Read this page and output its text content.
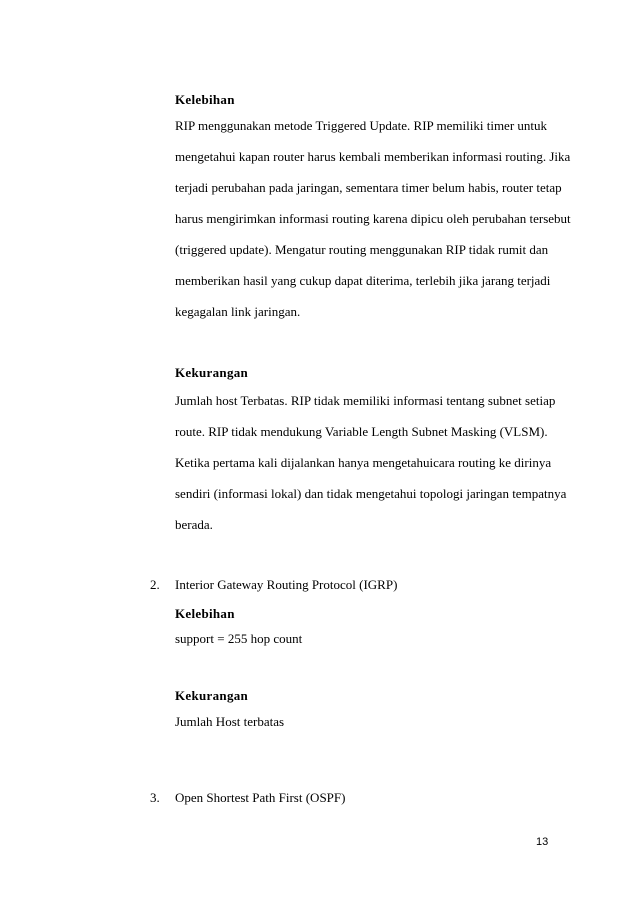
Kelebihan
RIP menggunakan metode Triggered Update. RIP memiliki timer untuk
mengetahui kapan router harus kembali memberikan informasi routing. Jika
terjadi perubahan pada jaringan, sementara timer belum habis, router tetap
harus mengirimkan informasi routing karena dipicu oleh perubahan tersebut
(triggered update). Mengatur routing menggunakan RIP tidak rumit dan
memberikan hasil yang cukup dapat diterima, terlebih jika jarang terjadi
kegagalan link jaringan.
Kekurangan
Jumlah host Terbatas. RIP tidak memiliki informasi tentang subnet setiap
route. RIP tidak mendukung Variable Length Subnet Masking (VLSM).
Ketika pertama kali dijalankan hanya mengetahuicara routing ke dirinya
sendiri (informasi lokal) dan tidak mengetahui topologi jaringan tempatnya
berada.
2. Interior Gateway Routing Protocol (IGRP)
Kelebihan
support = 255 hop count
Kekurangan
Jumlah Host terbatas
3. Open Shortest Path First (OSPF)
13
